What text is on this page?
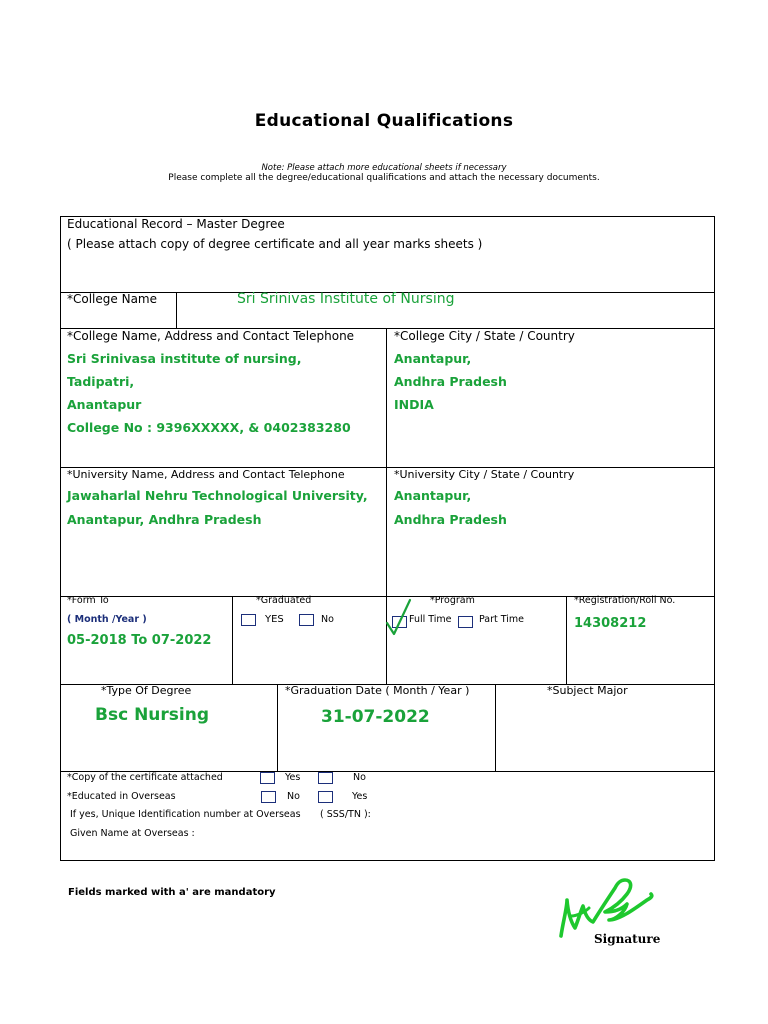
Educational Qualifications
Note: Please attach more educational sheets if necessary
Please complete all the degree/educational qualifications and attach the necessary documents.
Educational Record – Master Degree
( Please attach copy of degree certificate and all year marks sheets )
*College Name	Sri Srinivas Institute of Nursing
*College Name, Address and Contact Telephone
Sri Srinivasa institute of nursing,
Tadipatri,
Anantapur
College No : 9396XXXXX, & 0402383280
*College City / State / Country
Anantapur,
Andhra Pradesh
INDIA
*University Name, Address and Contact Telephone
Jawaharlal Nehru Technological University,
Anantapur, Andhra Pradesh
*University City / State / Country
Anantapur,
Andhra Pradesh
*Form To
( Month /Year )
05-2018 To 07-2022
*Graduated
YES	No
*Program
Full Time	Part Time
*Registration/Roll No.
14308212
*Type Of Degree
Bsc Nursing
*Graduation Date ( Month / Year )
31-07-2022
*Subject Major
*Copy of the certificate attached	Yes	No
*Educated in Overseas	No	Yes
If yes, Unique Identification number at Overseas ( SSS/TN ):
Given Name at Overseas :
Fields marked with a' are mandatory
Signature
